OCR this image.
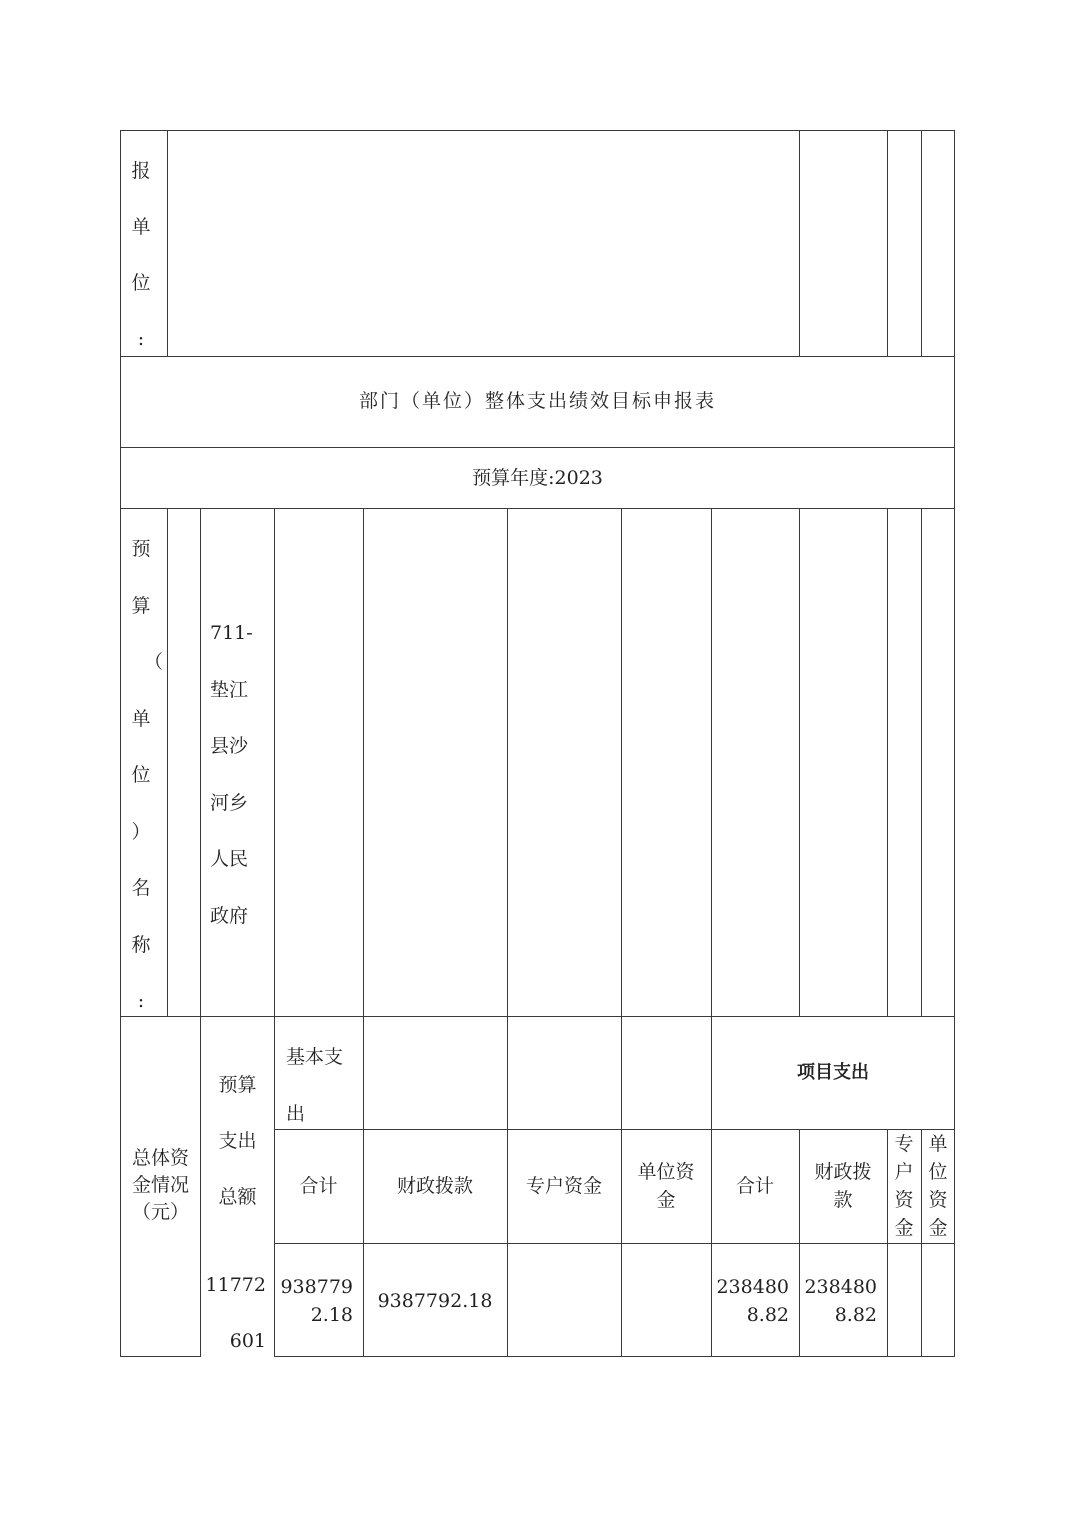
报
单
位
:
部门（单位）整体支出绩效目标申报表
预算年度:2023
预
算
（
单
位
）
名
称
:
711-
垫江
县沙
河乡
人民
政府
总体资
金情况
（元）
预算
支出
总额
基本支
出
项目支出
合计	财政拨款	专户资金
单位资
金
合计
财政拨
款
专
户
资
金
单
位
资
金
11772
601
938779
2.18
9387792.18
238480
8.82
238480
8.82
